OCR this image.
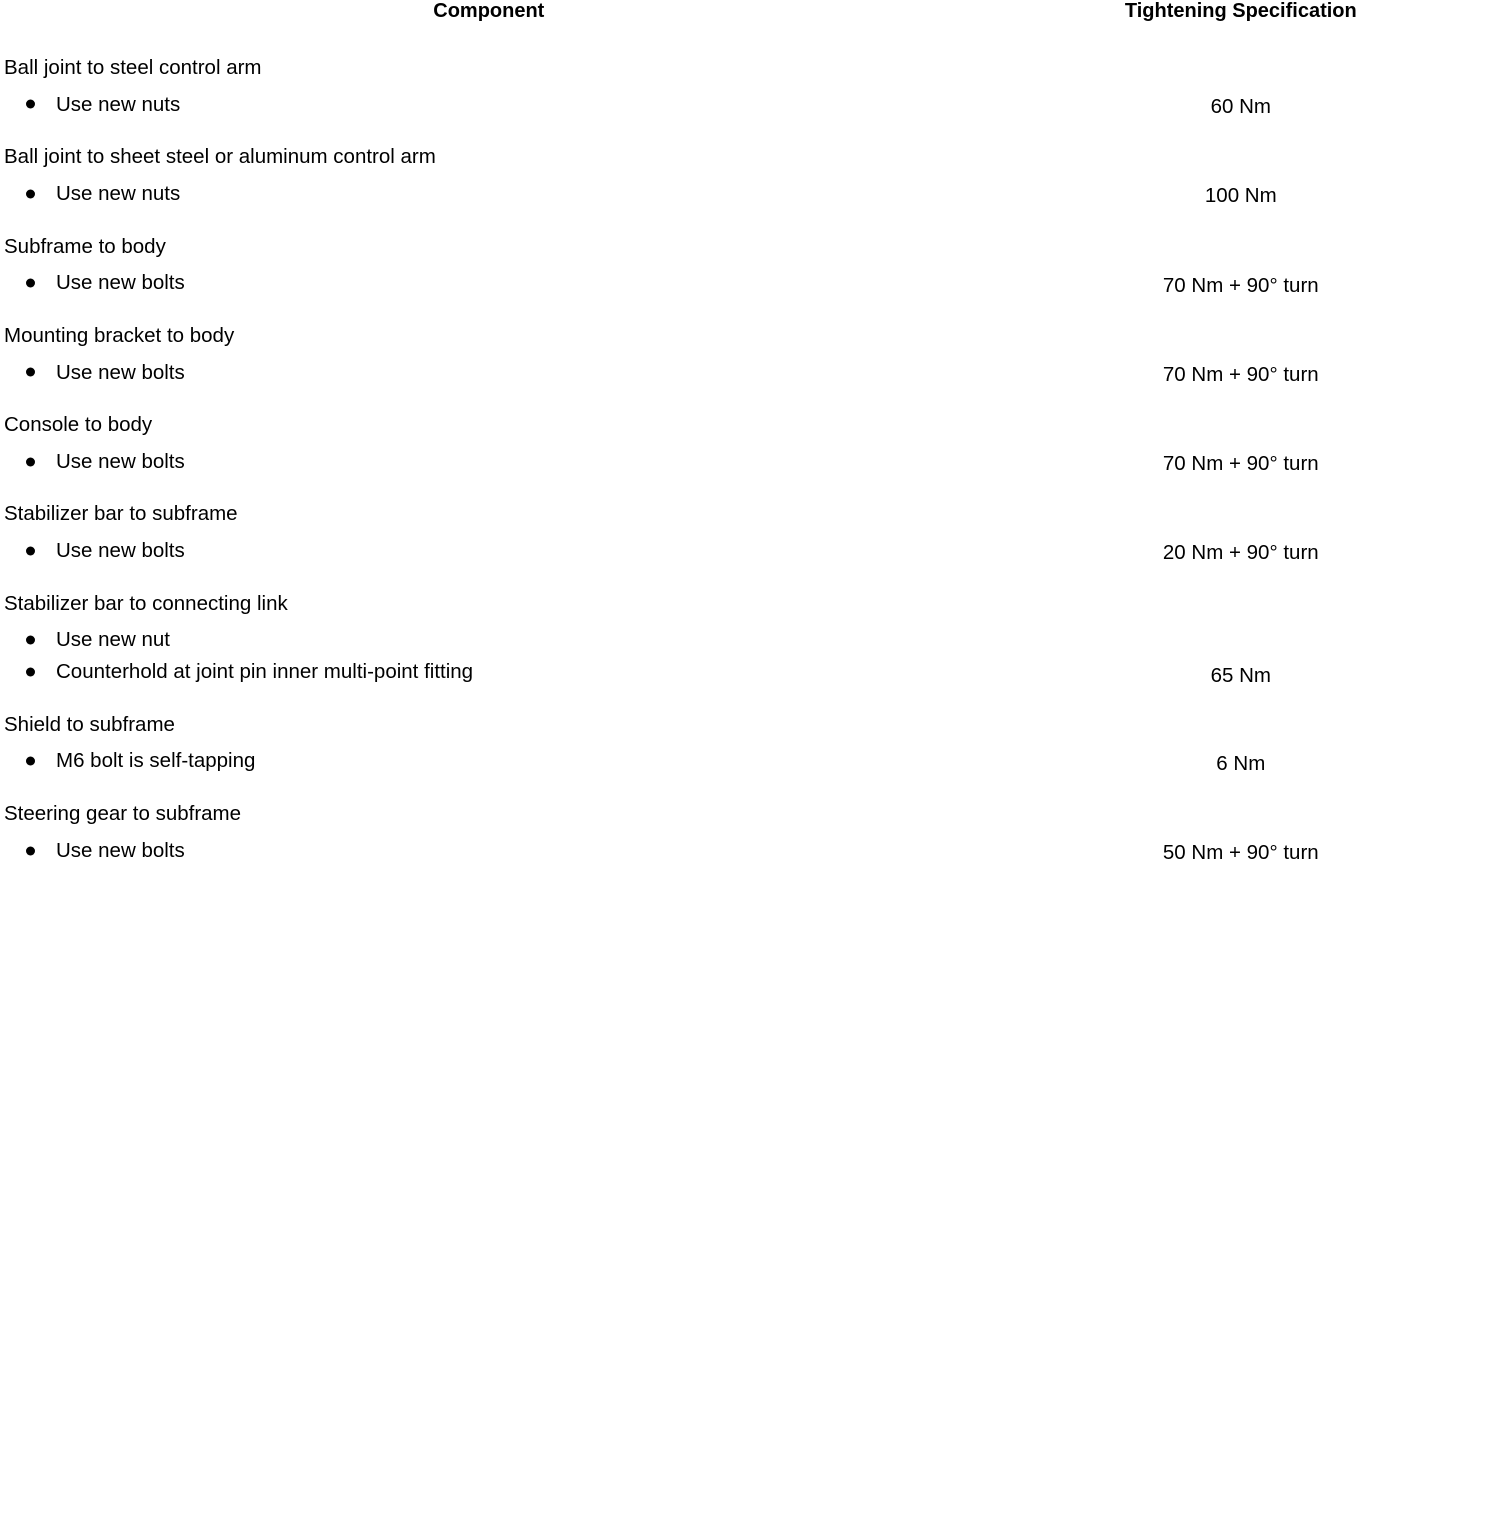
Component	Tightening Specification

Ball joint to steel control arm
Use new nuts	60 Nm

Ball joint to sheet steel or aluminum control arm
Use new nuts	100 Nm

Subframe to body
Use new bolts	70 Nm + 90° turn

Mounting bracket to body
Use new bolts	70 Nm + 90° turn

Console to body
Use new bolts	70 Nm + 90° turn

Stabilizer bar to subframe
Use new bolts	20 Nm + 90° turn

Stabilizer bar to connecting link
Use new nut
Counterhold at joint pin inner multi-point fitting	65 Nm

Shield to subframe
M6 bolt is self-tapping	6 Nm

Steering gear to subframe
Use new bolts	50 Nm + 90° turn
